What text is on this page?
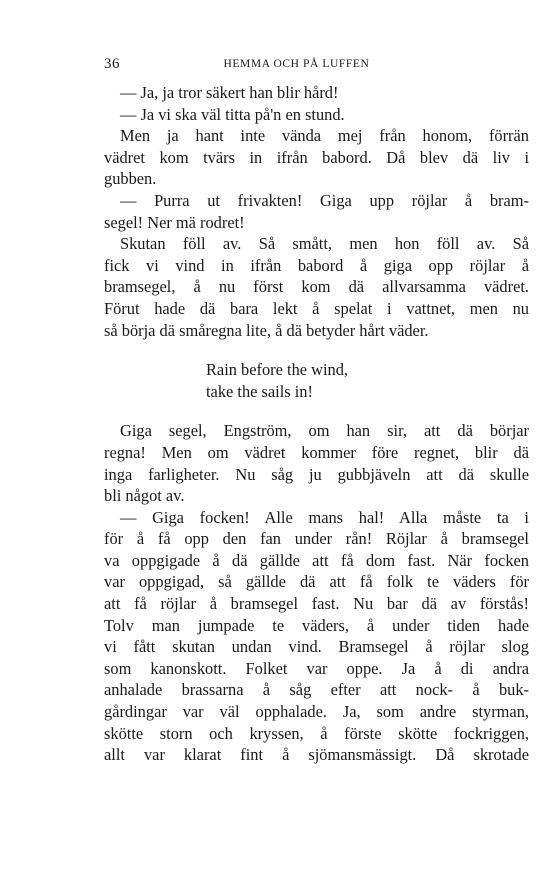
36	HEMMA OCH PÅ LUFFEN
— Ja, ja tror säkert han blir hård!
— Ja vi ska väl titta på'n en stund.
Men ja hant inte vända mej från honom, förrän
vädret kom tvärs in ifrån babord. Då blev dä liv i
gubben.
— Purra ut frivakten! Giga upp röjlar å bram-
segel! Ner mä rodret!
Skutan föll av. Så smått, men hon föll av. Så
fick vi vind in ifrån babord å giga opp röjlar å
bramsegel, å nu först kom dä allvarsamma vädret.
Förut hade dä bara lekt å spelat i vattnet, men nu
så börja dä småregna lite, å dä betyder hårt väder.
Rain before the wind,
take the sails in!
Giga segel, Engström, om han sir, att dä börjar
regna! Men om vädret kommer före regnet, blir dä
inga farligheter. Nu såg ju gubbjäveln att dä skulle
bli något av.
— Giga focken! Alle mans hal! Alla måste ta i
för å få opp den fan under rån! Röjlar å bramsegel
va oppgigade å dä gällde att få dom fast. När focken
var oppgigad, så gällde dä att få folk te väders för
att få röjlar å bramsegel fast. Nu bar dä av förstås!
Tolv man jumpade te väders, å under tiden hade
vi fått skutan undan vind. Bramsegel å röjlar slog
som kanonskott. Folket var oppe. Ja å di andra
anhalade brassarna å såg efter att nock- å buk-
gårdingar var väl opphalade. Ja, som andre styrman,
skötte storn och kryssen, å förste skötte fockriggen,
allt var klarat fint å sjömansmässigt. Då skrotade
